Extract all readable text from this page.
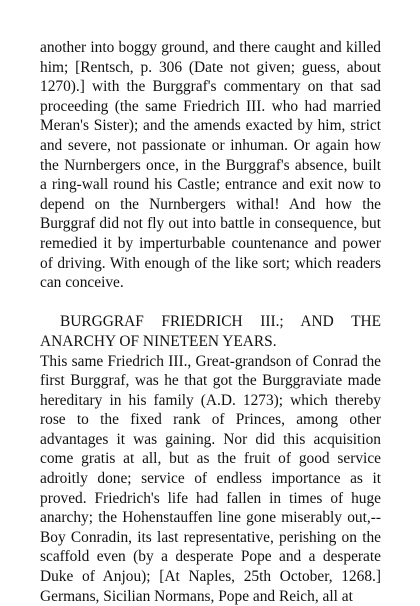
another into boggy ground, and there caught and killed him; [Rentsch, p. 306 (Date not given; guess, about 1270).] with the Burggraf's commentary on that sad proceeding (the same Friedrich III. who had married Meran's Sister); and the amends exacted by him, strict and severe, not passionate or inhuman. Or again how the Nurnbergers once, in the Burggraf's absence, built a ring-wall round his Castle; entrance and exit now to depend on the Nurnbergers withal! And how the Burggraf did not fly out into battle in consequence, but remedied it by imperturbable countenance and power of driving. With enough of the like sort; which readers can conceive.

BURGGRAF FRIEDRICH III.; AND THE ANARCHY OF NINETEEN YEARS.

This same Friedrich III., Great-grandson of Conrad the first Burggraf, was he that got the Burggraviate made hereditary in his family (A.D. 1273); which thereby rose to the fixed rank of Princes, among other advantages it was gaining. Nor did this acquisition come gratis at all, but as the fruit of good service adroitly done; service of endless importance as it proved. Friedrich's life had fallen in times of huge anarchy; the Hohenstauffen line gone miserably out,--Boy Conradin, its last representative, perishing on the scaffold even (by a desperate Pope and a desperate Duke of Anjou); [At Naples, 25th October, 1268.] Germans, Sicilian Normans, Pope and Reich, all at
